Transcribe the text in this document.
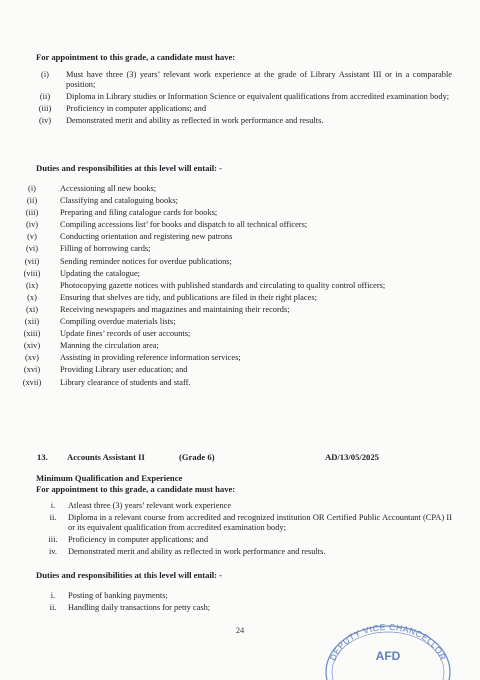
For appointment to this grade, a candidate must have:
(i)	Must have three (3) years’ relevant work experience at the grade of Library Assistant III or in a comparable position;
(ii)	Diploma in Library studies or Information Science or equivalent qualifications from accredited examination body;
(iii)	Proficiency in computer applications; and
(iv)	Demonstrated merit and ability as reflected in work performance and results.
Duties and responsibilities at this level will entail: -
(i)	Accessioning all new books;
(ii)	Classifying and cataloguing books;
(iii)	Preparing and filing catalogue cards for books;
(iv)	Compiling accessions list’ for books and dispatch to all technical officers;
(v)	Conducting orientation and registering new patrons
(vi)	Filling of borrowing cards;
(vii)	Sending reminder notices for overdue publications;
(viii)	Updating the catalogue;
(ix)	Photocopying gazette notices with published standards and circulating to quality control officers;
(x)	Ensuring that shelves are tidy, and publications are filed in their right places;
(xi)	Receiving newspapers and magazines and maintaining their records;
(xii)	Compiling overdue materials lists;
(xiii)	Update fines’ records of user accounts;
(xiv)	Manning the circulation area;
(xv)	Assisting in providing reference information services;
(xvi)	Providing Library user education; and
(xvii)	Library clearance of students and staff.
13. Accounts Assistant II	(Grade 6)	AD/13/05/2025
Minimum Qualification and Experience
For appointment to this grade, a candidate must have:
i.	Atleast three (3) years’ relevant work experience
ii.	Diploma in a relevant course from accredited and recognized institution OR Certified Public Accountant (CPA) II or its equivalent qualification from accredited examination body;
iii.	Proficiency in computer applications; and
iv.	Demonstrated merit and ability as reflected in work performance and results.
Duties and responsibilities at this level will entail: -
i.	Posting of banking payments;
ii.	Handling daily transactions for petty cash;
24
DEPUTY VICE CHANCELLOR
AFD
